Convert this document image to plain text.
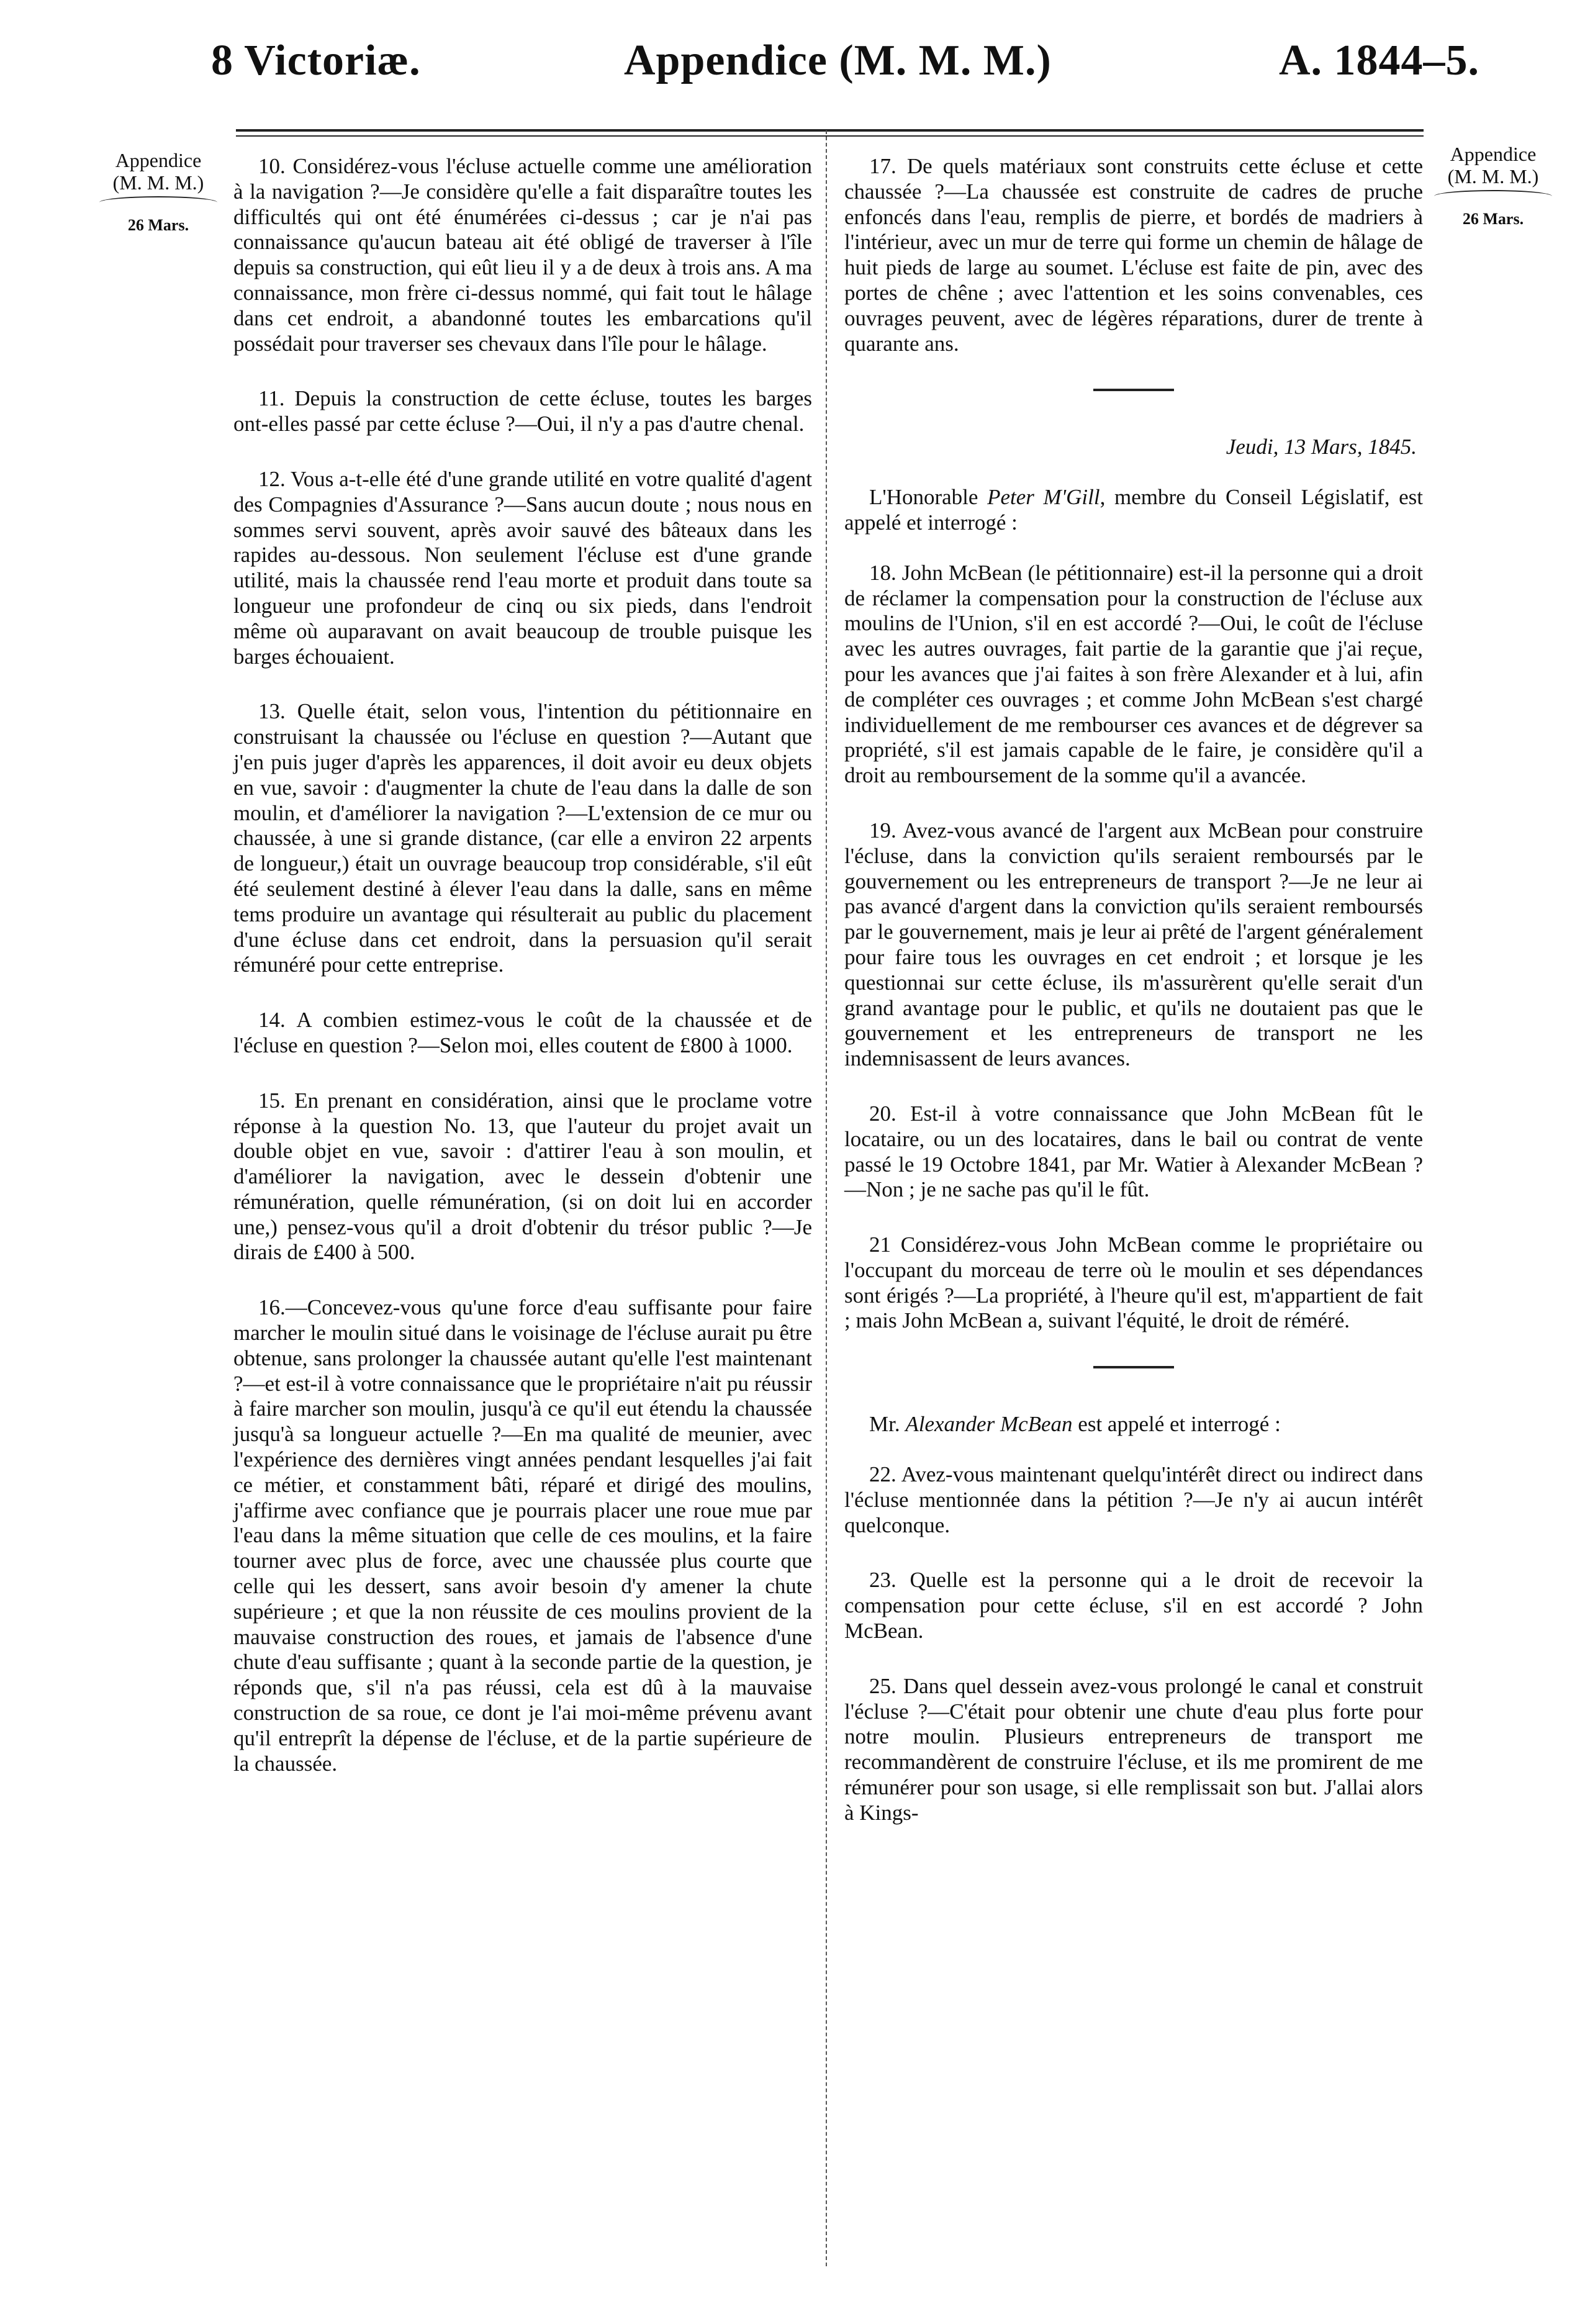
8 Victoriæ.	Appendice (M. M. M.)	A. 1844–5.
Appendice
(M. M. M.)
26 Mars.
Appendice
(M. M. M.)
26 Mars.

10. Considérez-vous l'écluse actuelle comme une amélioration à la navigation ?—Je considère qu'elle a fait disparaître toutes les difficultés qui ont été énumérées ci-dessus ; car je n'ai pas connaissance qu'aucun bateau ait été obligé de traverser à l'île depuis sa construction, qui eût lieu il y a de deux à trois ans. A ma connaissance, mon frère ci-dessus nommé, qui fait tout le hâlage dans cet endroit, a abandonné toutes les embarcations qu'il possédait pour traverser ses chevaux dans l'île pour le hâlage.

11. Depuis la construction de cette écluse, toutes les barges ont-elles passé par cette écluse ?—Oui, il n'y a pas d'autre chenal.

12. Vous a-t-elle été d'une grande utilité en votre qualité d'agent des Compagnies d'Assurance ?—Sans aucun doute ; nous nous en sommes servi souvent, après avoir sauvé des bâteaux dans les rapides au-dessous. Non seulement l'écluse est d'une grande utilité, mais la chaussée rend l'eau morte et produit dans toute sa longueur une profondeur de cinq ou six pieds, dans l'endroit même où auparavant on avait beaucoup de trouble puisque les barges échouaient.

13. Quelle était, selon vous, l'intention du pétitionnaire en construisant la chaussée ou l'écluse en question ?—Autant que j'en puis juger d'après les apparences, il doit avoir eu deux objets en vue, savoir : d'augmenter la chute de l'eau dans la dalle de son moulin, et d'améliorer la navigation ?—L'extension de ce mur ou chaussée, à une si grande distance, (car elle a environ 22 arpents de longueur,) était un ouvrage beaucoup trop considérable, s'il eût été seulement destiné à élever l'eau dans la dalle, sans en même tems produire un avantage qui résulterait au public du placement d'une écluse dans cet endroit, dans la persuasion qu'il serait rémunéré pour cette entreprise.

14. A combien estimez-vous le coût de la chaussée et de l'écluse en question ?—Selon moi, elles coutent de £800 à 1000.

15. En prenant en considération, ainsi que le proclame votre réponse à la question No. 13, que l'auteur du projet avait un double objet en vue, savoir : d'attirer l'eau à son moulin, et d'améliorer la navigation, avec le dessein d'obtenir une rémunération, quelle rémunération, (si on doit lui en accorder une,) pensez-vous qu'il a droit d'obtenir du trésor public ?—Je dirais de £400 à 500.

16.—Concevez-vous qu'une force d'eau suffisante pour faire marcher le moulin situé dans le voisinage de l'écluse aurait pu être obtenue, sans prolonger la chaussée autant qu'elle l'est maintenant ?—et est-il à votre connaissance que le propriétaire n'ait pu réussir à faire marcher son moulin, jusqu'à ce qu'il eut étendu la chaussée jusqu'à sa longueur actuelle ?—En ma qualité de meunier, avec l'expérience des dernières vingt années pendant lesquelles j'ai fait ce métier, et constamment bâti, réparé et dirigé des moulins, j'affirme avec confiance que je pourrais placer une roue mue par l'eau dans la même situation que celle de ces moulins, et la faire tourner avec plus de force, avec une chaussée plus courte que celle qui les dessert, sans avoir besoin d'y amener la chute supérieure ; et que la non réussite de ces moulins provient de la mauvaise construction des roues, et jamais de l'absence d'une chute d'eau suffisante ; quant à la seconde partie de la question, je réponds que, s'il n'a pas réussi, cela est dû à la mauvaise construction de sa roue, ce dont je l'ai moi-même prévenu avant qu'il entreprît la dépense de l'écluse, et de la partie supérieure de la chaussée.

17. De quels matériaux sont construits cette écluse et cette chaussée ?—La chaussée est construite de cadres de pruche enfoncés dans l'eau, remplis de pierre, et bordés de madriers à l'intérieur, avec un mur de terre qui forme un chemin de hâlage de huit pieds de large au soumet. L'écluse est faite de pin, avec des portes de chêne ; avec l'attention et les soins convenables, ces ouvrages peuvent, avec de légères réparations, durer de trente à quarante ans.

Jeudi, 13 Mars, 1845.

L'Honorable Peter M'Gill, membre du Conseil Législatif, est appelé et interrogé :

18. John McBean (le pétitionnaire) est-il la personne qui a droit de réclamer la compensation pour la construction de l'écluse aux moulins de l'Union, s'il en est accordé ?—Oui, le coût de l'écluse avec les autres ouvrages, fait partie de la garantie que j'ai reçue, pour les avances que j'ai faites à son frère Alexander et à lui, afin de compléter ces ouvrages ; et comme John McBean s'est chargé individuellement de me rembourser ces avances et de dégrever sa propriété, s'il est jamais capable de le faire, je considère qu'il a droit au remboursement de la somme qu'il a avancée.

19. Avez-vous avancé de l'argent aux McBean pour construire l'écluse, dans la conviction qu'ils seraient remboursés par le gouvernement ou les entrepreneurs de transport ?—Je ne leur ai pas avancé d'argent dans la conviction qu'ils seraient remboursés par le gouvernement, mais je leur ai prêté de l'argent généralement pour faire tous les ouvrages en cet endroit ; et lorsque je les questionnai sur cette écluse, ils m'assurèrent qu'elle serait d'un grand avantage pour le public, et qu'ils ne doutaient pas que le gouvernement et les entrepreneurs de transport ne les indemnisassent de leurs avances.

20. Est-il à votre connaissance que John McBean fût le locataire, ou un des locataires, dans le bail ou contrat de vente passé le 19 Octobre 1841, par Mr. Watier à Alexander McBean ?—Non ; je ne sache pas qu'il le fût.

21 Considérez-vous John McBean comme le propriétaire ou l'occupant du morceau de terre où le moulin et ses dépendances sont érigés ?—La propriété, à l'heure qu'il est, m'appartient de fait ; mais John McBean a, suivant l'équité, le droit de réméré.

Mr. Alexander McBean est appelé et interrogé :

22. Avez-vous maintenant quelqu'intérêt direct ou indirect dans l'écluse mentionnée dans la pétition ?—Je n'y ai aucun intérêt quelconque.

23. Quelle est la personne qui a le droit de recevoir la compensation pour cette écluse, s'il en est accordé ? John McBean.

25. Dans quel dessein avez-vous prolongé le canal et construit l'écluse ?—C'était pour obtenir une chute d'eau plus forte pour notre moulin. Plusieurs entrepreneurs de transport me recommandèrent de construire l'écluse, et ils me promirent de me rémunérer pour son usage, si elle remplissait son but. J'allai alors à Kings-
